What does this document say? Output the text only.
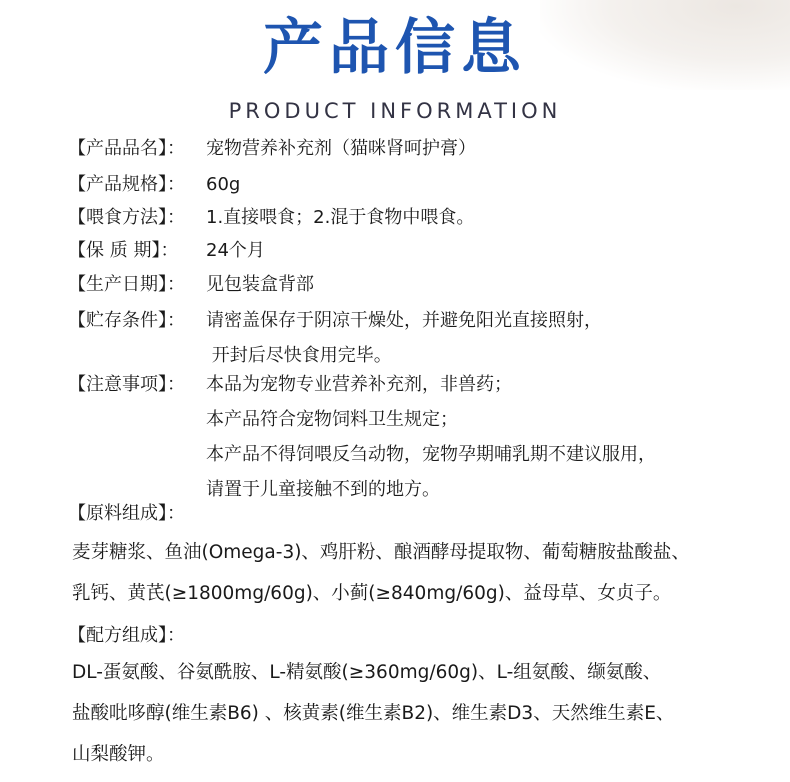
产品信息
PRODUCT INFORMATION
【产品品名】：	宠物营养补充剂（猫咪肾呵护膏）
【产品规格】：	60g
【喂食方法】：	1.直接喂食；2.混于食物中喂食。
【保 质 期】：	24个月
【生产日期】：	见包装盒背部
【贮存条件】：	请密盖保存于阴凉干燥处，并避免阳光直接照射，
开封后尽快食用完毕。
【注意事项】：	本品为宠物专业营养补充剂，非兽药；
本产品符合宠物饲料卫生规定；
本产品不得饲喂反刍动物，宠物孕期哺乳期不建议服用，
请置于儿童接触不到的地方。
【原料组成】：
麦芽糖浆、鱼油(Omega-3)、鸡肝粉、酿酒酵母提取物、葡萄糖胺盐酸盐、
乳钙、黄芪(≥1800mg/60g)、小蓟(≥840mg/60g)、益母草、女贞子。
【配方组成】：
DL-蛋氨酸、谷氨酰胺、L-精氨酸(≥360mg/60g)、L-组氨酸、缬氨酸、
盐酸吡哆醇(维生素B6) 、核黄素(维生素B2)、维生素D3、天然维生素E、
山梨酸钾。
